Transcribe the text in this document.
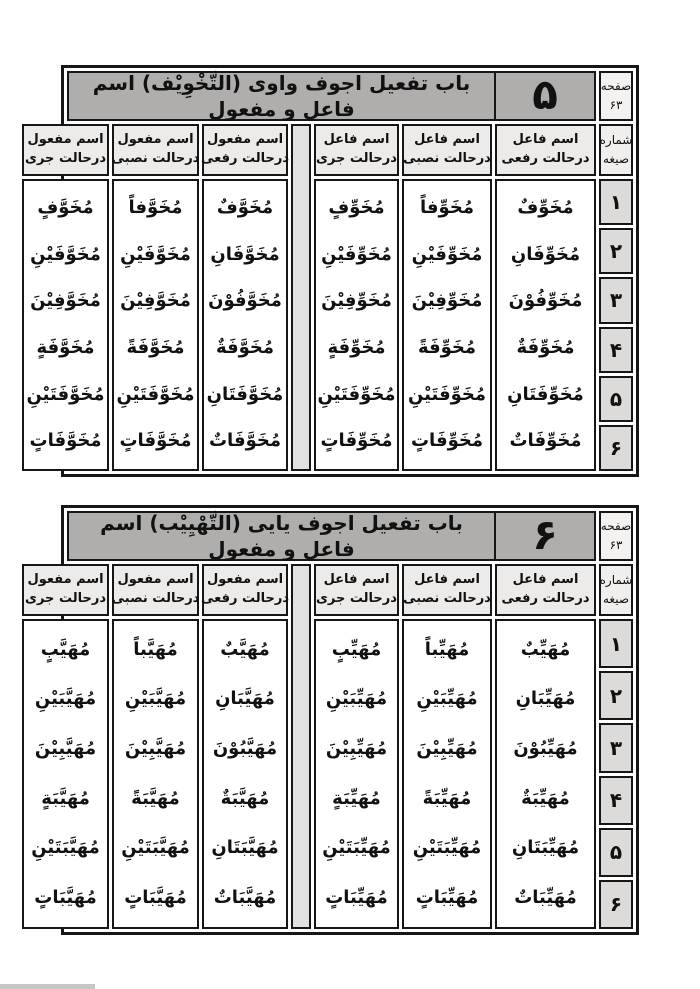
صفحه
۶۳
۵
باب تفعيل اجوف واوی (التَّخْوِيْف) اسم فاعل و مفعول
شماره
صیغه
۱
۲
۳
۴
۵
۶
اسم فاعل
درحالت رفعی
مُخَوِّفٌ
مُخَوِّفَانِ
مُخَوِّفُوْنَ
مُخَوِّفَةٌ
مُخَوِّفَتَانِ
مُخَوِّفَاتٌ
اسم فاعل
درحالت نصبی
مُخَوِّفاً
مُخَوِّفَيْنِ
مُخَوِّفِيْنَ
مُخَوِّفَةً
مُخَوِّفَتَيْنِ
مُخَوِّفَاتٍ
اسم فاعل
درحالت جری
مُخَوِّفٍ
مُخَوِّفَيْنِ
مُخَوِّفِيْنَ
مُخَوِّفَةٍ
مُخَوِّفَتَيْنِ
مُخَوِّفَاتٍ
اسم مفعول
درحالت رفعی
مُخَوَّفٌ
مُخَوَّفَانِ
مُخَوَّفُوْنَ
مُخَوَّفَةٌ
مُخَوَّفَتَانِ
مُخَوَّفَاتٌ
اسم مفعول
درحالت نصبی
مُخَوَّفاً
مُخَوَّفَيْنِ
مُخَوَّفِيْنَ
مُخَوَّفَةً
مُخَوَّفَتَيْنِ
مُخَوَّفَاتٍ
اسم مفعول
درحالت جری
مُخَوَّفٍ
مُخَوَّفَيْنِ
مُخَوَّفِيْنَ
مُخَوَّفَةٍ
مُخَوَّفَتَيْنِ
مُخَوَّفَاتٍ
صفحه
۶۳
۶
باب تفعيل اجوف يايی (التَّهْيِيْب) اسم فاعل و مفعول
شماره
صیغه
۱
۲
۳
۴
۵
۶
اسم فاعل
درحالت رفعی
مُهَيِّبٌ
مُهَيِّبَانِ
مُهَيِّبُوْنَ
مُهَيِّبَةٌ
مُهَيِّبَتَانِ
مُهَيِّبَاتٌ
اسم فاعل
درحالت نصبی
مُهَيِّباً
مُهَيِّبَيْنِ
مُهَيِّبِيْنَ
مُهَيِّبَةً
مُهَيِّبَتَيْنِ
مُهَيِّبَاتٍ
اسم فاعل
درحالت جری
مُهَيِّبٍ
مُهَيِّبَيْنِ
مُهَيِّبِيْنَ
مُهَيِّبَةٍ
مُهَيِّبَتَيْنِ
مُهَيِّبَاتٍ
اسم مفعول
درحالت رفعی
مُهَيَّبٌ
مُهَيَّبَانِ
مُهَيَّبُوْنَ
مُهَيَّبَةٌ
مُهَيَّبَتَانِ
مُهَيَّبَاتٌ
اسم مفعول
درحالت نصبی
مُهَيَّباً
مُهَيَّبَيْنِ
مُهَيَّبِيْنَ
مُهَيَّبَةً
مُهَيَّبَتَيْنِ
مُهَيَّبَاتٍ
اسم مفعول
درحالت جری
مُهَيَّبٍ
مُهَيَّبَيْنِ
مُهَيَّبِيْنَ
مُهَيَّبَةٍ
مُهَيَّبَتَيْنِ
مُهَيَّبَاتٍ
